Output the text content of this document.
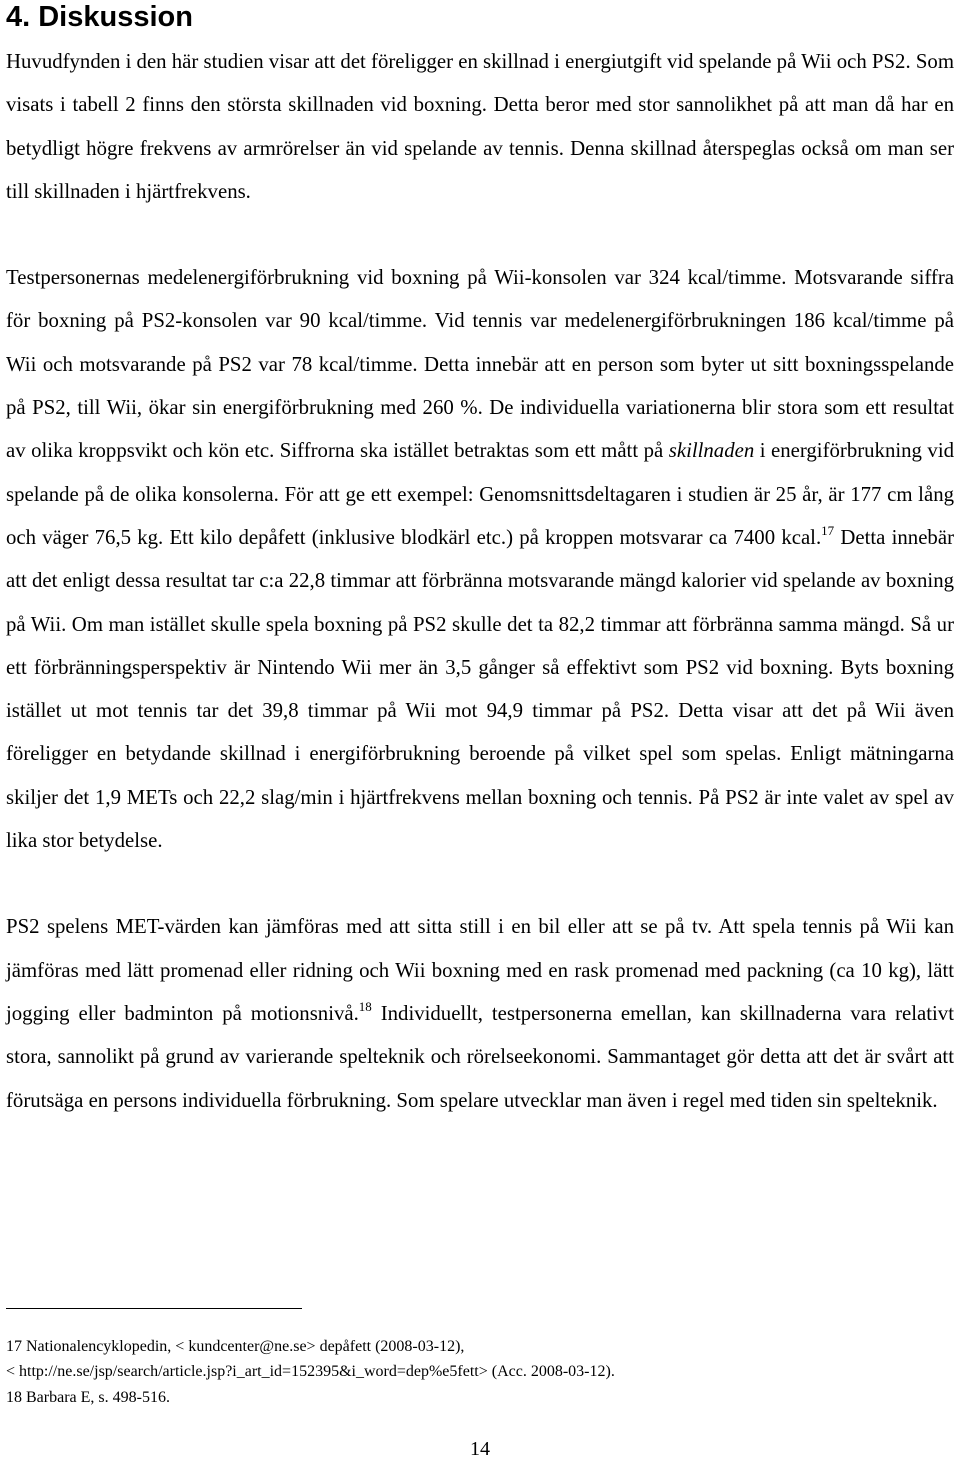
4. Diskussion

Huvudfynden i den här studien visar att det föreligger en skillnad i energiutgift vid spelande på Wii och PS2. Som visats i tabell 2 finns den största skillnaden vid boxning. Detta beror med stor sannolikhet på att man då har en betydligt högre frekvens av armrörelser än vid spelande av tennis. Denna skillnad återspeglas också om man ser till skillnaden i hjärtfrekvens.

Testpersonernas medelenergiförbrukning vid boxning på Wii-konsolen var 324 kcal/timme. Motsvarande siffra för boxning på PS2-konsolen var 90 kcal/timme. Vid tennis var medelenergiförbrukningen 186 kcal/timme på Wii och motsvarande på PS2 var 78 kcal/timme. Detta innebär att en person som byter ut sitt boxningsspelande på PS2, till Wii, ökar sin energiförbrukning med 260 %. De individuella variationerna blir stora som ett resultat av olika kroppsvikt och kön etc. Siffrorna ska istället betraktas som ett mått på skillnaden i energiförbrukning vid spelande på de olika konsolerna. För att ge ett exempel: Genomsnittsdeltagaren i studien är 25 år, är 177 cm lång och väger 76,5 kg. Ett kilo depåfett (inklusive blodkärl etc.) på kroppen motsvarar ca 7400 kcal.$^{17}$ Detta innebär att det enligt dessa resultat tar c:a 22,8 timmar att förbränna motsvarande mängd kalorier vid spelande av boxning på Wii. Om man istället skulle spela boxning på PS2 skulle det ta 82,2 timmar att förbränna samma mängd. Så ur ett förbränningsperspektiv är Nintendo Wii mer än 3,5 gånger så effektivt som PS2 vid boxning. Byts boxning istället ut mot tennis tar det 39,8 timmar på Wii mot 94,9 timmar på PS2. Detta visar att det på Wii även föreligger en betydande skillnad i energiförbrukning beroende på vilket spel som spelas. Enligt mätningarna skiljer det 1,9 METs och 22,2 slag/min i hjärtfrekvens mellan boxning och tennis. På PS2 är inte valet av spel av lika stor betydelse.

PS2 spelens MET-värden kan jämföras med att sitta still i en bil eller att se på tv. Att spela tennis på Wii kan jämföras med lätt promenad eller ridning och Wii boxning med en rask promenad med packning (ca 10 kg), lätt jogging eller badminton på motionsnivå.$^{18}$ Individuellt, testpersonerna emellan, kan skillnaderna vara relativt stora, sannolikt på grund av varierande spelteknik och rörelseekonomi. Sammantaget gör detta att det är svårt att förutsäga en persons individuella förbrukning. Som spelare utvecklar man även i regel med tiden sin spelteknik.

17 Nationalencyklopedin, < kundcenter@ne.se> depåfett (2008-03-12),
< http://ne.se/jsp/search/article.jsp?i_art_id=152395&i_word=dep%e5fett> (Acc. 2008-03-12).
18 Barbara E, s. 498-516.
14
